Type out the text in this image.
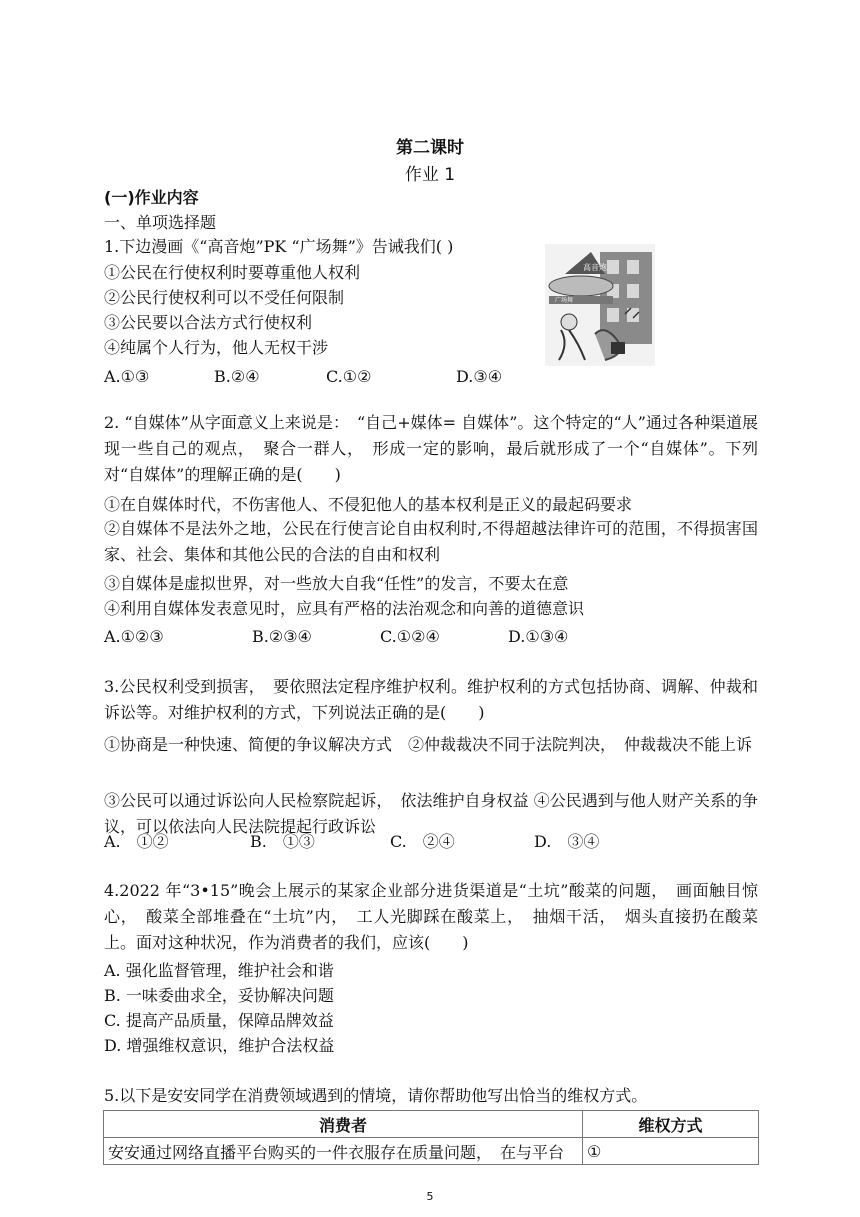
第二课时
作业 1
(一)作业内容
一、单项选择题
1.下边漫画《“高音炮”PK “广场舞”》告诫我们( )
①公民在行使权利时要尊重他人权利
②公民行使权利可以不受任何限制
③公民要以合法方式行使权利
④纯属个人行为，他人无权干涉
A.①③	B.②④	C.①②	D.③④
高音炮
广场舞
2. “自媒体”从字面意义上来说是：　“自己+媒体= 自媒体”。这个特定的“人”通过各种渠道展现一些自己的观点，　聚合一群人，　形成一定的影响，最后就形成了一个“自媒体”。下列对“自媒体”的理解正确的是(　　)
①在自媒体时代，不伤害他人、不侵犯他人的基本权利是正义的最起码要求
②自媒体不是法外之地，公民在行使言论自由权利时,不得超越法律许可的范围，不得损害国家、社会、集体和其他公民的合法的自由和权利
③自媒体是虚拟世界，对一些放大自我“任性”的发言，不要太在意
④利用自媒体发表意见时，应具有严格的法治观念和向善的道德意识
A.①②③	B.②③④	C.①②④	D.①③④
3.公民权利受到损害，　要依照法定程序维护权利。维护权利的方式包括协商、调解、仲裁和诉讼等。对维护权利的方式，下列说法正确的是(　　)
①协商是一种快速、简便的争议解决方式　②仲裁裁决不同于法院判决，　仲裁裁决不能上诉
③公民可以通过诉讼向人民检察院起诉，　依法维护自身权益 ④公民遇到与他人财产关系的争议，可以依法向人民法院提起行政诉讼
A.　①②	B.　①③	C.　②④	D.　③④
4.2022 年“3•15”晚会上展示的某家企业部分进货渠道是“土坑”酸菜的问题，　画面触目惊心，　酸菜全部堆叠在“土坑”内，　工人光脚踩在酸菜上，　抽烟干活，　烟头直接扔在酸菜上。面对这种状况，作为消费者的我们，应该(　　)
A. 强化监督管理，维护社会和谐
B. 一味委曲求全，妥协解决问题
C. 提高产品质量，保障品牌效益
D. 增强维权意识，维护合法权益
5.以下是安安同学在消费领域遇到的情境，请你帮助他写出恰当的维权方式。
消费者	维权方式
安安通过网络直播平台购买的一件衣服存在质量问题，　在与平台	①
5
